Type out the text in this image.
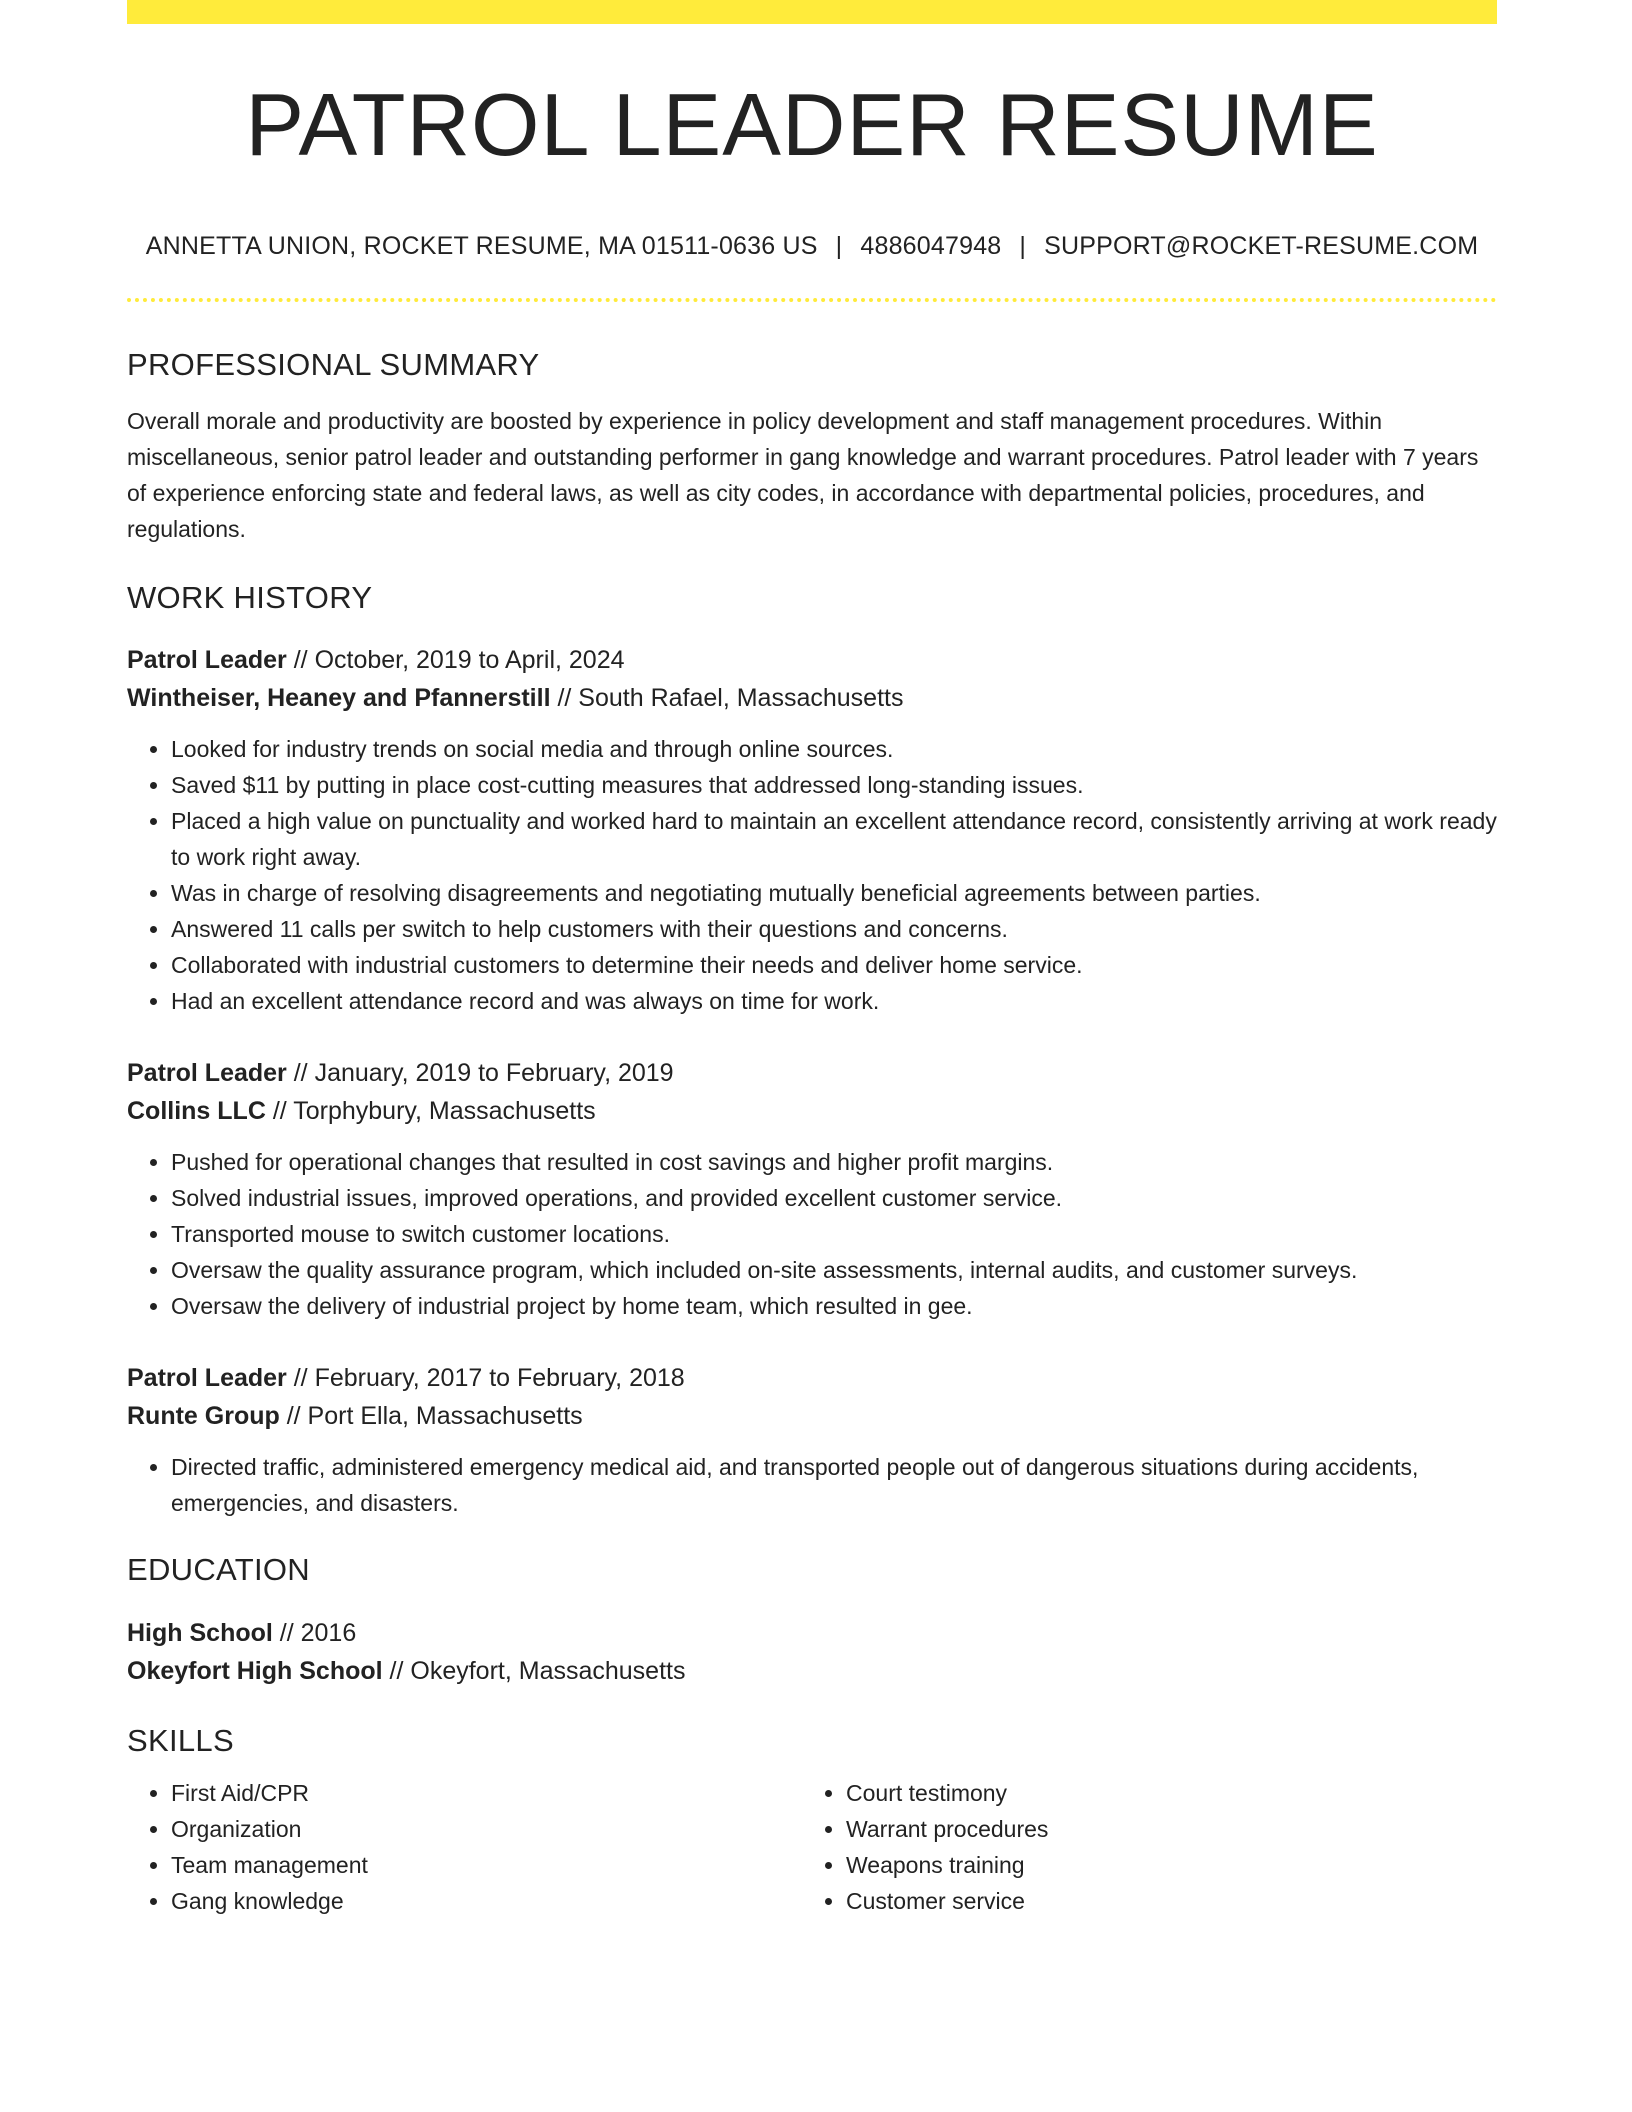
PATROL LEADER RESUME
ANNETTA UNION, ROCKET RESUME, MA 01511-0636 US | 4886047948 | SUPPORT@ROCKET-RESUME.COM
PROFESSIONAL SUMMARY
Overall morale and productivity are boosted by experience in policy development and staff management procedures. Within miscellaneous, senior patrol leader and outstanding performer in gang knowledge and warrant procedures. Patrol leader with 7 years of experience enforcing state and federal laws, as well as city codes, in accordance with departmental policies, procedures, and regulations.
WORK HISTORY
Patrol Leader // October, 2019 to April, 2024
Wintheiser, Heaney and Pfannerstill // South Rafael, Massachusetts
• Looked for industry trends on social media and through online sources.
• Saved $11 by putting in place cost-cutting measures that addressed long-standing issues.
• Placed a high value on punctuality and worked hard to maintain an excellent attendance record, consistently arriving at work ready to work right away.
• Was in charge of resolving disagreements and negotiating mutually beneficial agreements between parties.
• Answered 11 calls per switch to help customers with their questions and concerns.
• Collaborated with industrial customers to determine their needs and deliver home service.
• Had an excellent attendance record and was always on time for work.
Patrol Leader // January, 2019 to February, 2019
Collins LLC // Torphybury, Massachusetts
• Pushed for operational changes that resulted in cost savings and higher profit margins.
• Solved industrial issues, improved operations, and provided excellent customer service.
• Transported mouse to switch customer locations.
• Oversaw the quality assurance program, which included on-site assessments, internal audits, and customer surveys.
• Oversaw the delivery of industrial project by home team, which resulted in gee.
Patrol Leader // February, 2017 to February, 2018
Runte Group // Port Ella, Massachusetts
• Directed traffic, administered emergency medical aid, and transported people out of dangerous situations during accidents, emergencies, and disasters.
EDUCATION
High School // 2016
Okeyfort High School // Okeyfort, Massachusetts
SKILLS
• First Aid/CPR
• Organization
• Team management
• Gang knowledge
• Court testimony
• Warrant procedures
• Weapons training
• Customer service
